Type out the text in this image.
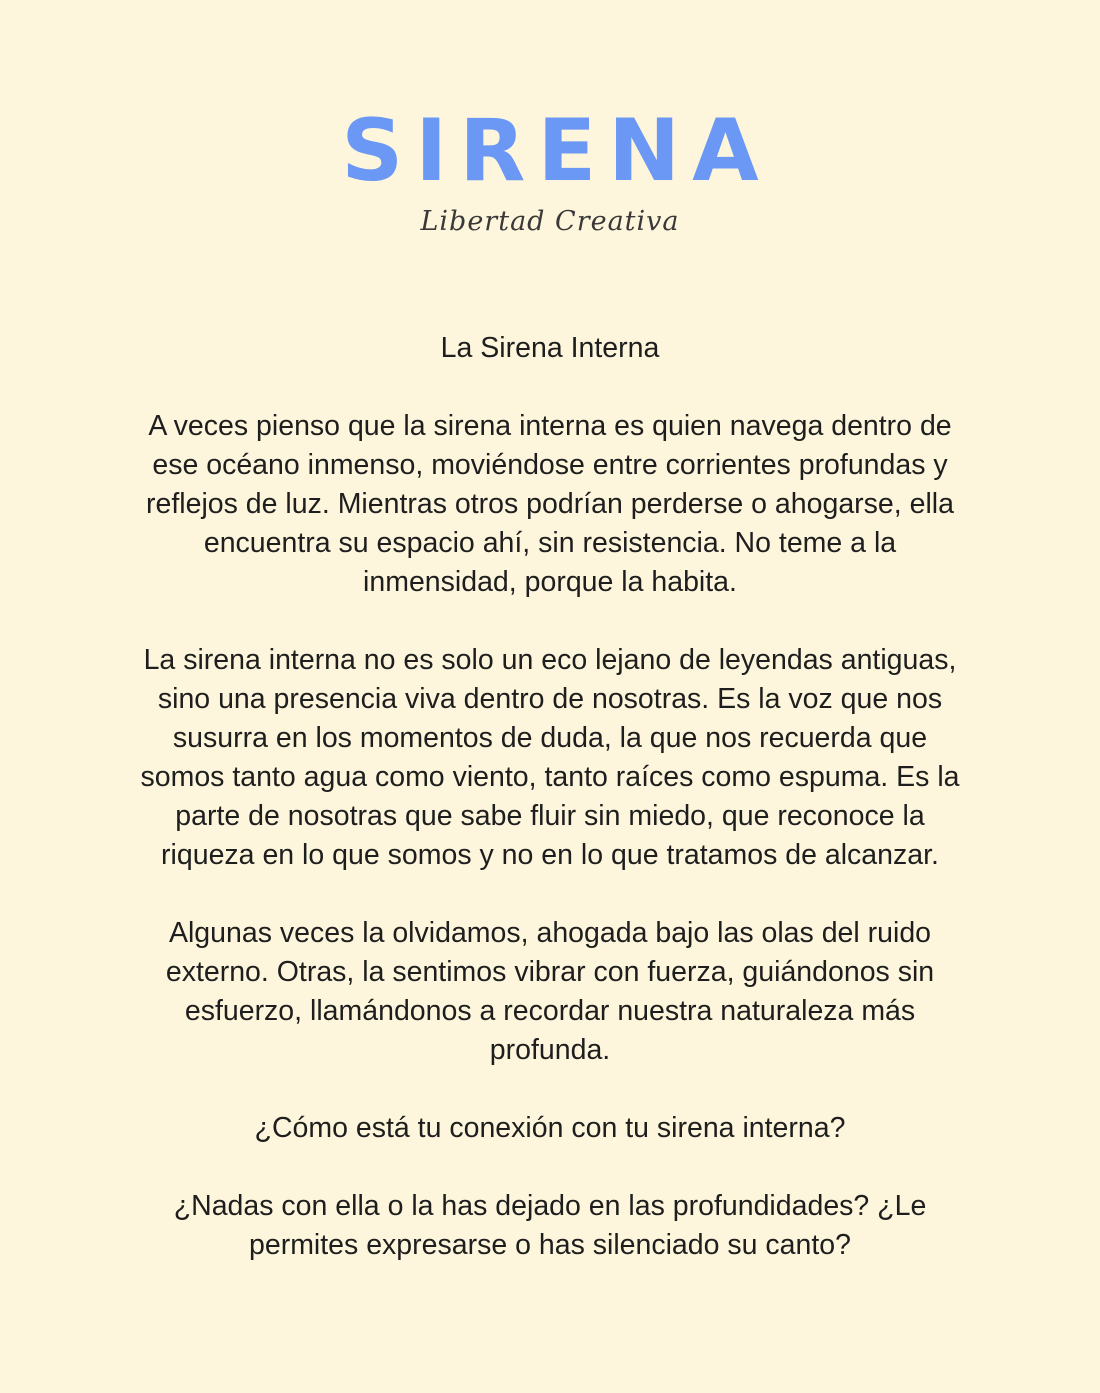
SIRENA
Libertad Creativa

La Sirena Interna

A veces pienso que la sirena interna es quien navega dentro de ese océano inmenso, moviéndose entre corrientes profundas y reflejos de luz. Mientras otros podrían perderse o ahogarse, ella encuentra su espacio ahí, sin resistencia. No teme a la inmensidad, porque la habita.

La sirena interna no es solo un eco lejano de leyendas antiguas, sino una presencia viva dentro de nosotras. Es la voz que nos susurra en los momentos de duda, la que nos recuerda que somos tanto agua como viento, tanto raíces como espuma. Es la parte de nosotras que sabe fluir sin miedo, que reconoce la riqueza en lo que somos y no en lo que tratamos de alcanzar.

Algunas veces la olvidamos, ahogada bajo las olas del ruido externo. Otras, la sentimos vibrar con fuerza, guiándonos sin esfuerzo, llamándonos a recordar nuestra naturaleza más profunda.

¿Cómo está tu conexión con tu sirena interna?

¿Nadas con ella o la has dejado en las profundidades? ¿Le permites expresarse o has silenciado su canto?
